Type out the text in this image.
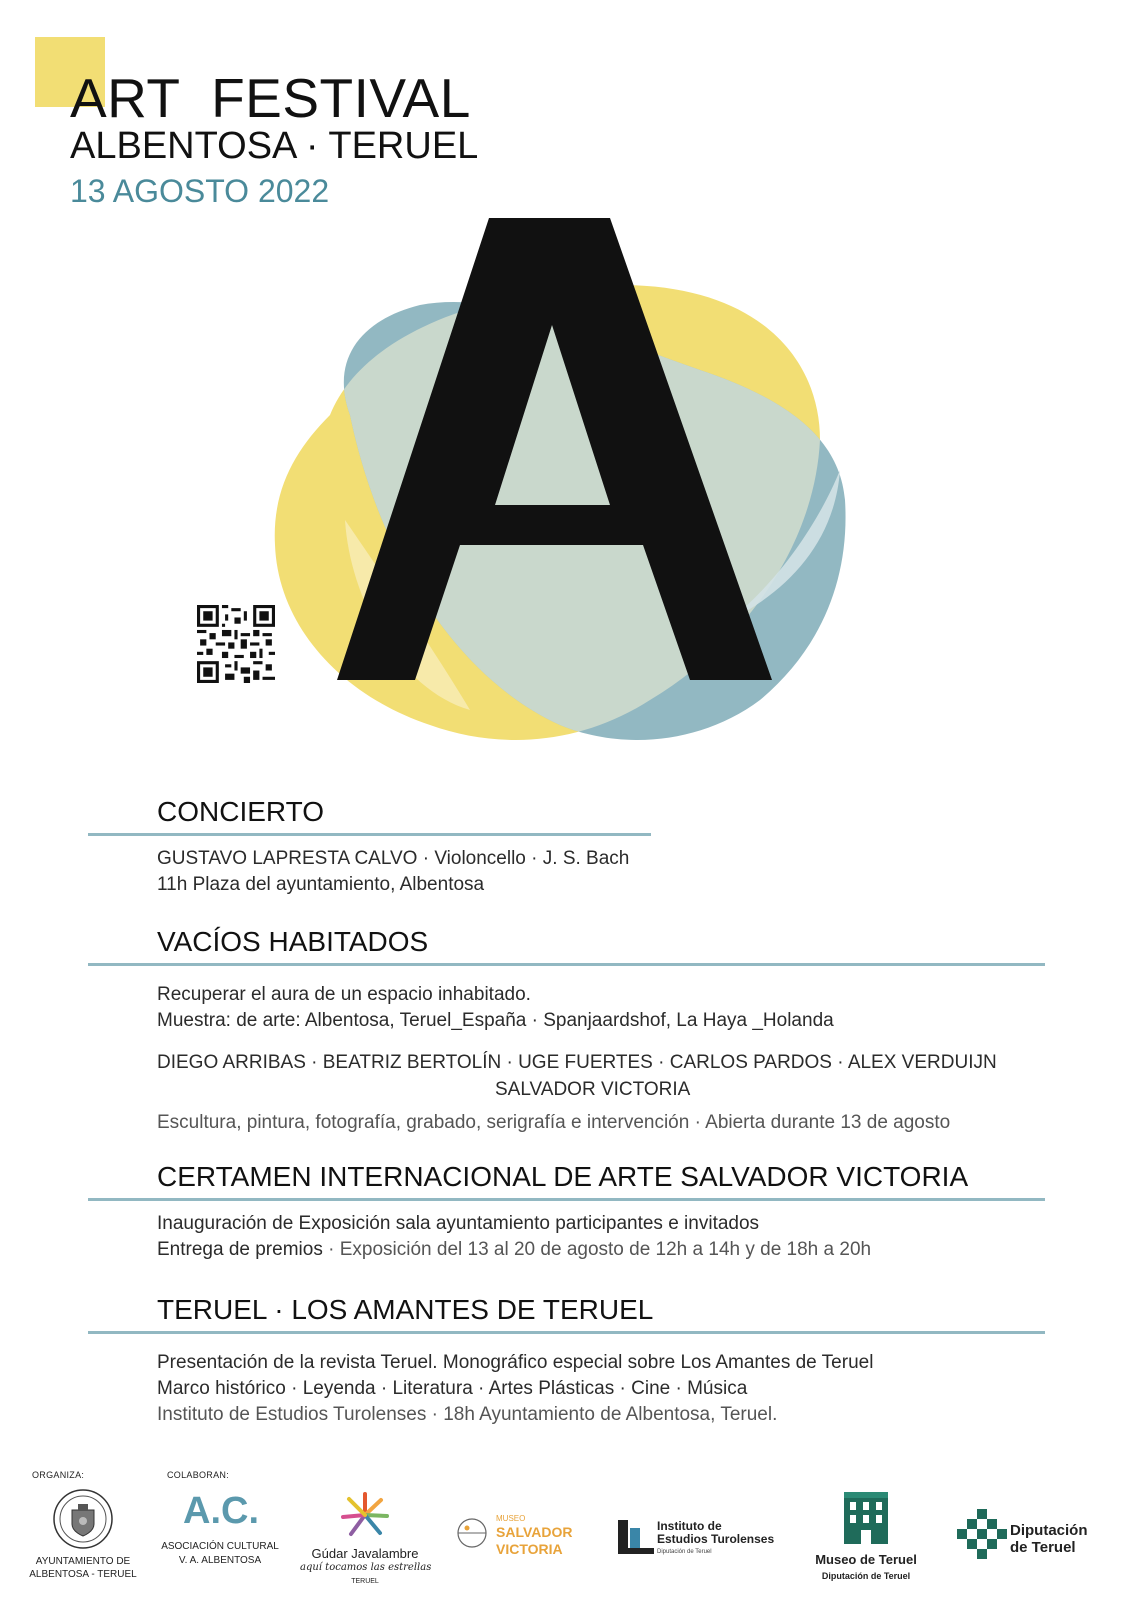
ART  FESTIVAL
ALBENTOSA · TERUEL
13 AGOSTO 2022
CONCIERTO
GUSTAVO LAPRESTA CALVO · Violoncello · J. S. Bach
11h Plaza del ayuntamiento, Albentosa
VACÍOS HABITADOS
Recuperar el aura de un espacio inhabitado.
Muestra: de arte: Albentosa, Teruel_España · Spanjaardshof, La Haya _Holanda
DIEGO ARRIBAS · BEATRIZ BERTOLÍN · UGE FUERTES · CARLOS PARDOS · ALEX VERDUIJN
SALVADOR VICTORIA
Escultura, pintura, fotografía, grabado, serigrafía e intervención · Abierta durante 13 de agosto
CERTAMEN INTERNACIONAL DE ARTE SALVADOR VICTORIA
Inauguración de Exposición sala ayuntamiento participantes e invitados
Entrega de premios · Exposición del 13 al 20 de agosto de 12h a 14h y de 18h a 20h
TERUEL · LOS AMANTES DE TERUEL
Presentación de la revista Teruel. Monográfico especial sobre Los Amantes de Teruel
Marco histórico · Leyenda · Literatura · Artes Plásticas · Cine · Música
Instituto de Estudios Turolenses · 18h Ayuntamiento de Albentosa, Teruel.
ORGANIZA:	COLABORAN:
AYUNTAMIENTO DE
ALBENTOSA - TERUEL
A.C.
ASOCIACIÓN CULTURAL
V. A. ALBENTOSA	Gúdar Javalambre
aquí tocamos las estrellas
TERUEL
MUSEO
SALVADOR
VICTORIA
Instituto de
Estudios Turolenses
Diputación de Teruel	Museo de Teruel
Diputación de Teruel
Diputación
de Teruel
